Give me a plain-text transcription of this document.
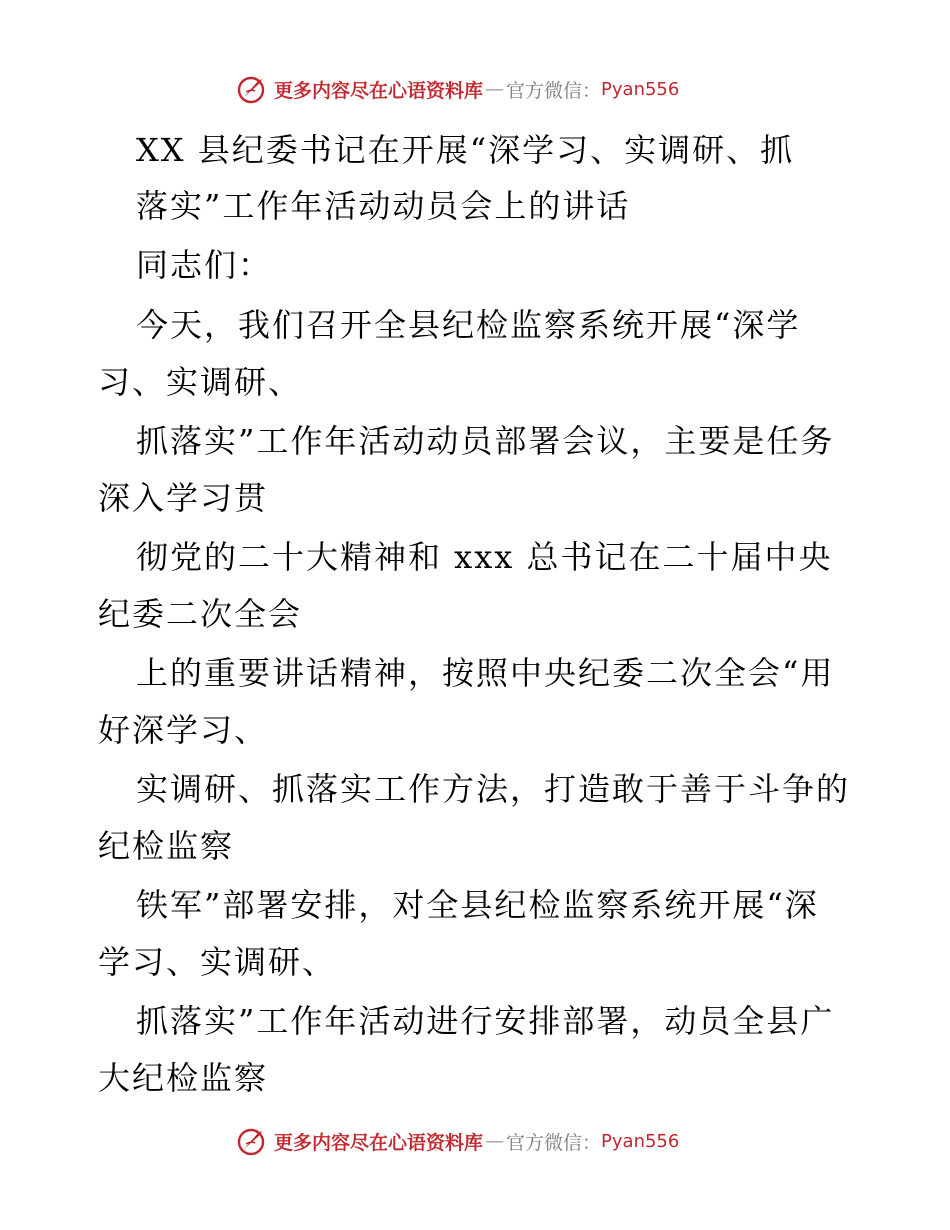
更多内容尽在心语资料库 — 官方微信： Pyan556
XX 县纪委书记在开展“深学习、实调研、抓
落实”工作年活动动员会上的讲话
同志们：
今天，我们召开全县纪检监察系统开展“深学
习、实调研、
抓落实”工作年活动动员部署会议，主要是任务
深入学习贯
彻党的二十大精神和 xxx 总书记在二十届中央
纪委二次全会
上的重要讲话精神，按照中央纪委二次全会“用
好深学习、
实调研、抓落实工作方法，打造敢于善于斗争的
纪检监察
铁军”部署安排，对全县纪检监察系统开展“深
学习、实调研、
抓落实”工作年活动进行安排部署，动员全县广
大纪检监察
更多内容尽在心语资料库 — 官方微信： Pyan556
